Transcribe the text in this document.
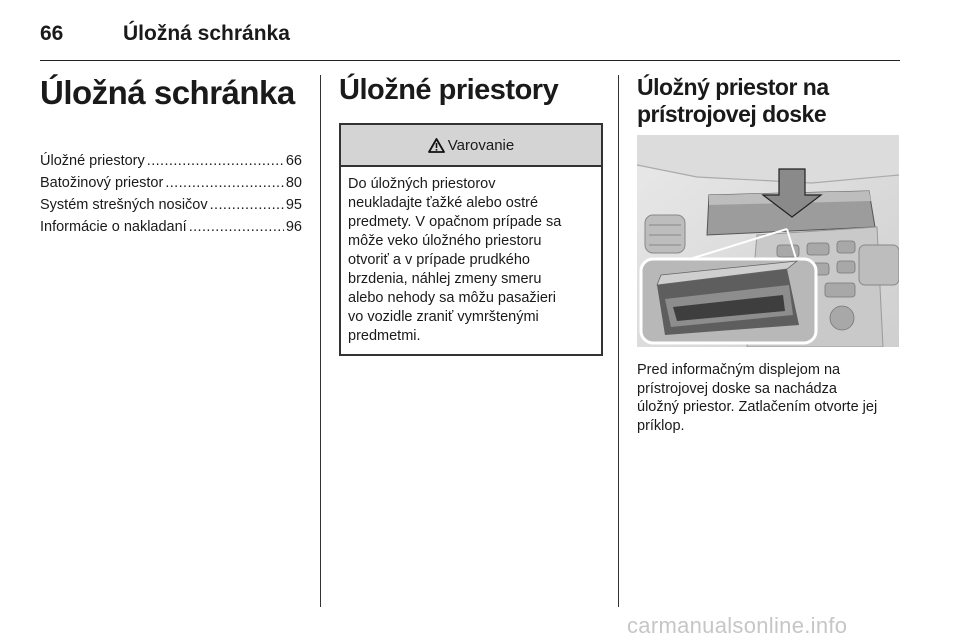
66	Úložná schránka
Úložná schránka
Úložné priestory .....	66
Batožinový priestor .....	80
Systém strešných nosičov .....	95
Informácie o nakladaní .....	96
Úložné priestory
Varovanie
Do úložných priestorov
neukladajte ťažké alebo ostré
predmety. V opačnom prípade sa
môže veko úložného priestoru
otvoriť a v prípade prudkého
brzdenia, náhlej zmeny smeru
alebo nehody sa môžu pasažieri
vo vozidle zraniť vymrštenými
predmetmi.
Úložný priestor na
prístrojovej doske
Pred informačným displejom na
prístrojovej doske sa nachádza
úložný priestor. Zatlačením otvorte jej
príklop.
carmanualsonline.info
